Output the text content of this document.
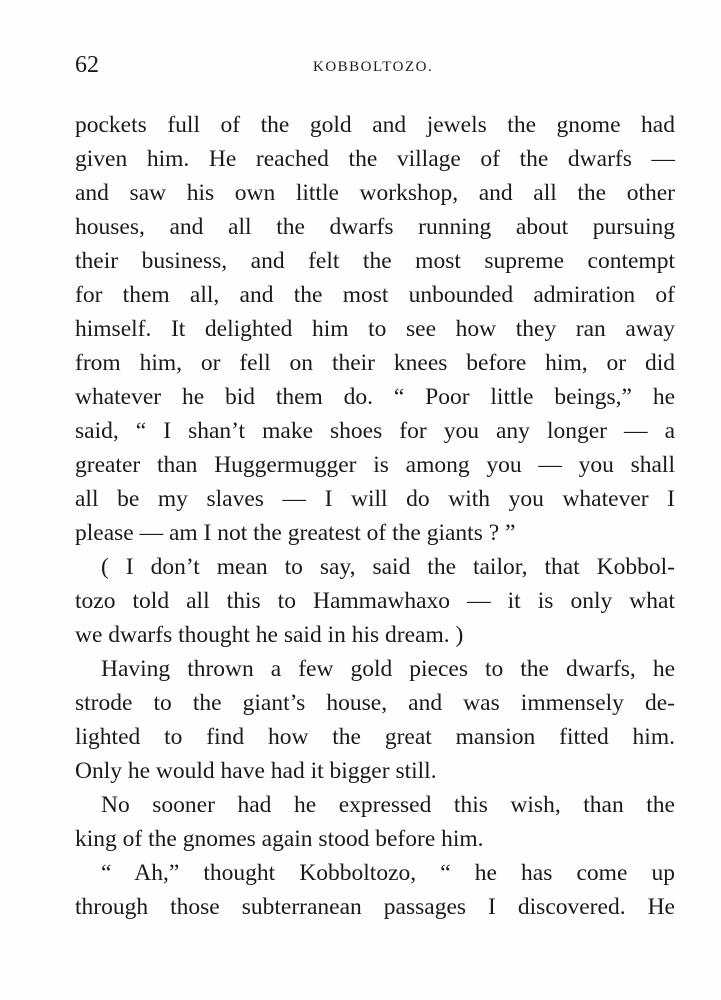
62	KOBBOLTOZO.
pockets full of the gold and jewels the gnome had
given him. He reached the village of the dwarfs —
and saw his own little workshop, and all the other
houses, and all the dwarfs running about pursuing
their business, and felt the most supreme contempt
for them all, and the most unbounded admiration of
himself. It delighted him to see how they ran away
from him, or fell on their knees before him, or did
whatever he bid them do. “ Poor little beings,” he
said, “ I shan’t make shoes for you any longer — a
greater than Huggermugger is among you — you shall
all be my slaves — I will do with you whatever I
please — am I not the greatest of the giants ? ”
( I don’t mean to say, said the tailor, that Kobbol-
tozo told all this to Hammawhaxo — it is only what
we dwarfs thought he said in his dream. )
Having thrown a few gold pieces to the dwarfs, he
strode to the giant’s house, and was immensely de-
lighted to find how the great mansion fitted him.
Only he would have had it bigger still.
No sooner had he expressed this wish, than the
king of the gnomes again stood before him.
“ Ah,” thought Kobboltozo, “ he has come up
through those subterranean passages I discovered. He
